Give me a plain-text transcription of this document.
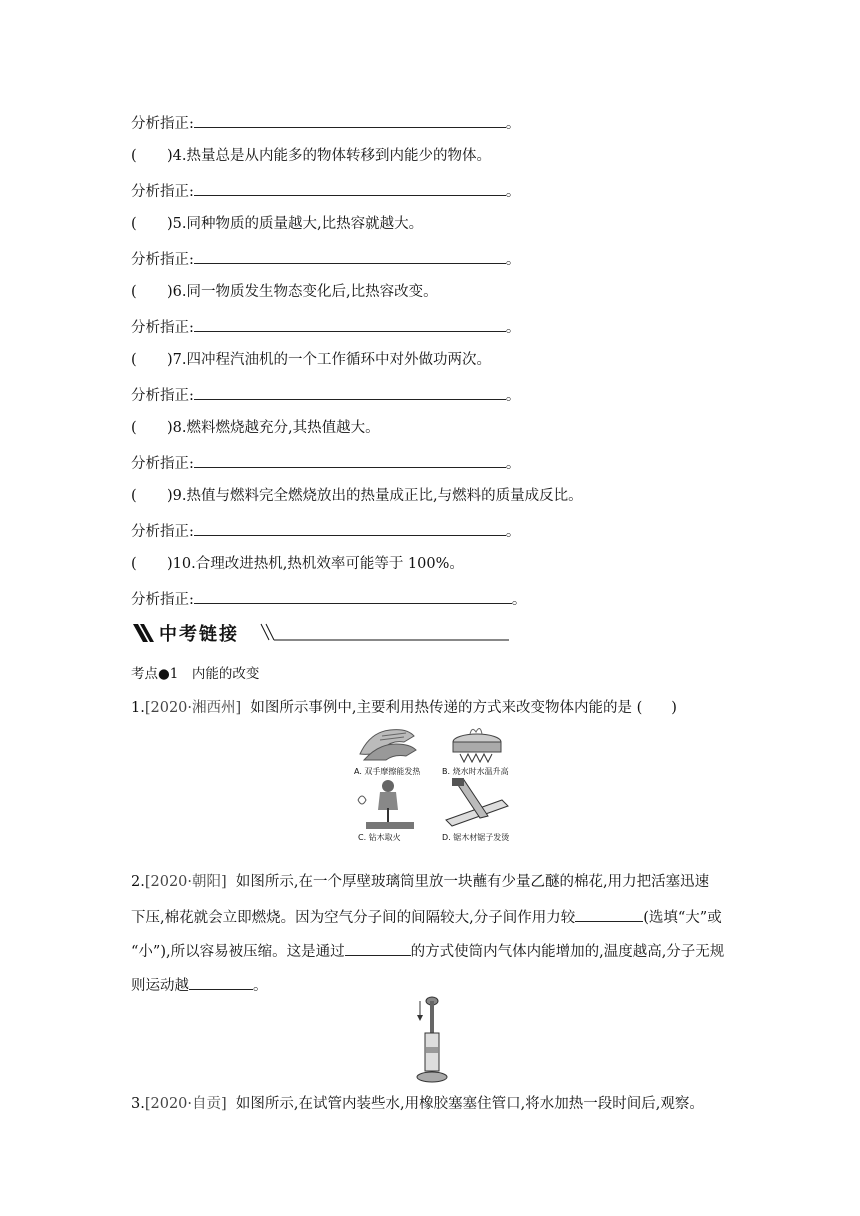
分析指正:	。
( )4.热量总是从内能多的物体转移到内能少的物体。
分析指正:	。
( )5.同种物质的质量越大,比热容就越大。
分析指正:	。
( )6.同一物质发生物态变化后,比热容改变。
分析指正:	。
( )7.四冲程汽油机的一个工作循环中对外做功两次。
分析指正:	。
( )8.燃料燃烧越充分,其热值越大。
分析指正:	。
( )9.热值与燃料完全燃烧放出的热量成正比,与燃料的质量成反比。
分析指正:	。
( )10.合理改进热机,热机效率可能等于 100%。
分析指正:	。
中考链接
考点●1　内能的改变
1.[2020·湘西州] 如图所示事例中,主要利用热传递的方式来改变物体内能的是 (　　)
A. 双手摩擦能发热	B. 烧水时水温升高
C. 钻木取火	D. 锯木材锯子发烫
2.[2020·朝阳] 如图所示,在一个厚壁玻璃筒里放一块蘸有少量乙醚的棉花,用力把活塞迅速
下压,棉花就会立即燃烧。因为空气分子间的间隔较大,分子间作用力较	(选填“大”或
“小”),所以容易被压缩。这是通过	的方式使筒内气体内能增加的,温度越高,分子无规
则运动越	。
3.[2020·自贡] 如图所示,在试管内装些水,用橡胶塞塞住管口,将水加热一段时间后,观察。
